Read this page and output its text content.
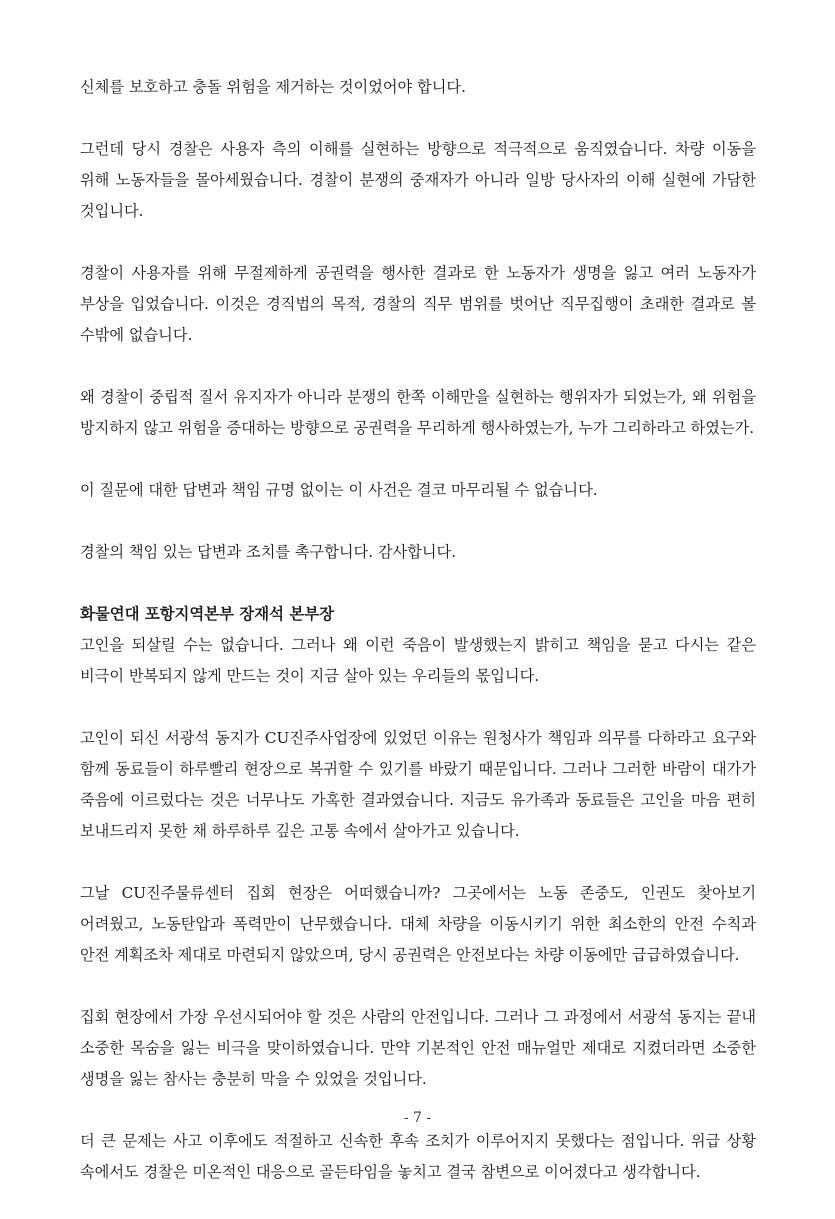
신체를 보호하고 충돌 위험을 제거하는 것이었어야 합니다.

그런데 당시 경찰은 사용자 측의 이해를 실현하는 방향으로 적극적으로 움직였습니다. 차량 이동을 위해 노동자들을 몰아세웠습니다. 경찰이 분쟁의 중재자가 아니라 일방 당사자의 이해 실현에 가담한 것입니다.

경찰이 사용자를 위해 무절제하게 공권력을 행사한 결과로 한 노동자가 생명을 잃고 여러 노동자가 부상을 입었습니다. 이것은 경직법의 목적, 경찰의 직무 범위를 벗어난 직무집행이 초래한 결과로 볼 수밖에 없습니다.

왜 경찰이 중립적 질서 유지자가 아니라 분쟁의 한쪽 이해만을 실현하는 행위자가 되었는가, 왜 위험을 방지하지 않고 위험을 증대하는 방향으로 공권력을 무리하게 행사하였는가, 누가 그리하라고 하였는가.

이 질문에 대한 답변과 책임 규명 없이는 이 사건은 결코 마무리될 수 없습니다.

경찰의 책임 있는 답변과 조치를 촉구합니다. 감사합니다.

화물연대 포항지역본부 장재석 본부장

고인을 되살릴 수는 없습니다. 그러나 왜 이런 죽음이 발생했는지 밝히고 책임을 묻고 다시는 같은 비극이 반복되지 않게 만드는 것이 지금 살아 있는 우리들의 몫입니다.

고인이 되신 서광석 동지가 CU진주사업장에 있었던 이유는 원청사가 책임과 의무를 다하라고 요구와 함께 동료들이 하루빨리 현장으로 복귀할 수 있기를 바랐기 때문입니다. 그러나 그러한 바람이 대가가 죽음에 이르렀다는 것은 너무나도 가혹한 결과였습니다. 지금도 유가족과 동료들은 고인을 마음 편히 보내드리지 못한 채 하루하루 깊은 고통 속에서 살아가고 있습니다.

그날 CU진주물류센터 집회 현장은 어떠했습니까? 그곳에서는 노동 존중도, 인권도 찾아보기 어려웠고, 노동탄압과 폭력만이 난무했습니다. 대체 차량을 이동시키기 위한 최소한의 안전 수칙과 안전 계획조차 제대로 마련되지 않았으며, 당시 공권력은 안전보다는 차량 이동에만 급급하였습니다.

집회 현장에서 가장 우선시되어야 할 것은 사람의 안전입니다. 그러나 그 과정에서 서광석 동지는 끝내 소중한 목숨을 잃는 비극을 맞이하였습니다. 만약 기본적인 안전 매뉴얼만 제대로 지켰더라면 소중한 생명을 잃는 참사는 충분히 막을 수 있었을 것입니다.

더 큰 문제는 사고 이후에도 적절하고 신속한 후속 조치가 이루어지지 못했다는 점입니다. 위급 상황 속에서도 경찰은 미온적인 대응으로 골든타임을 놓치고 결국 참변으로 이어졌다고 생각합니다.

- 7 -
